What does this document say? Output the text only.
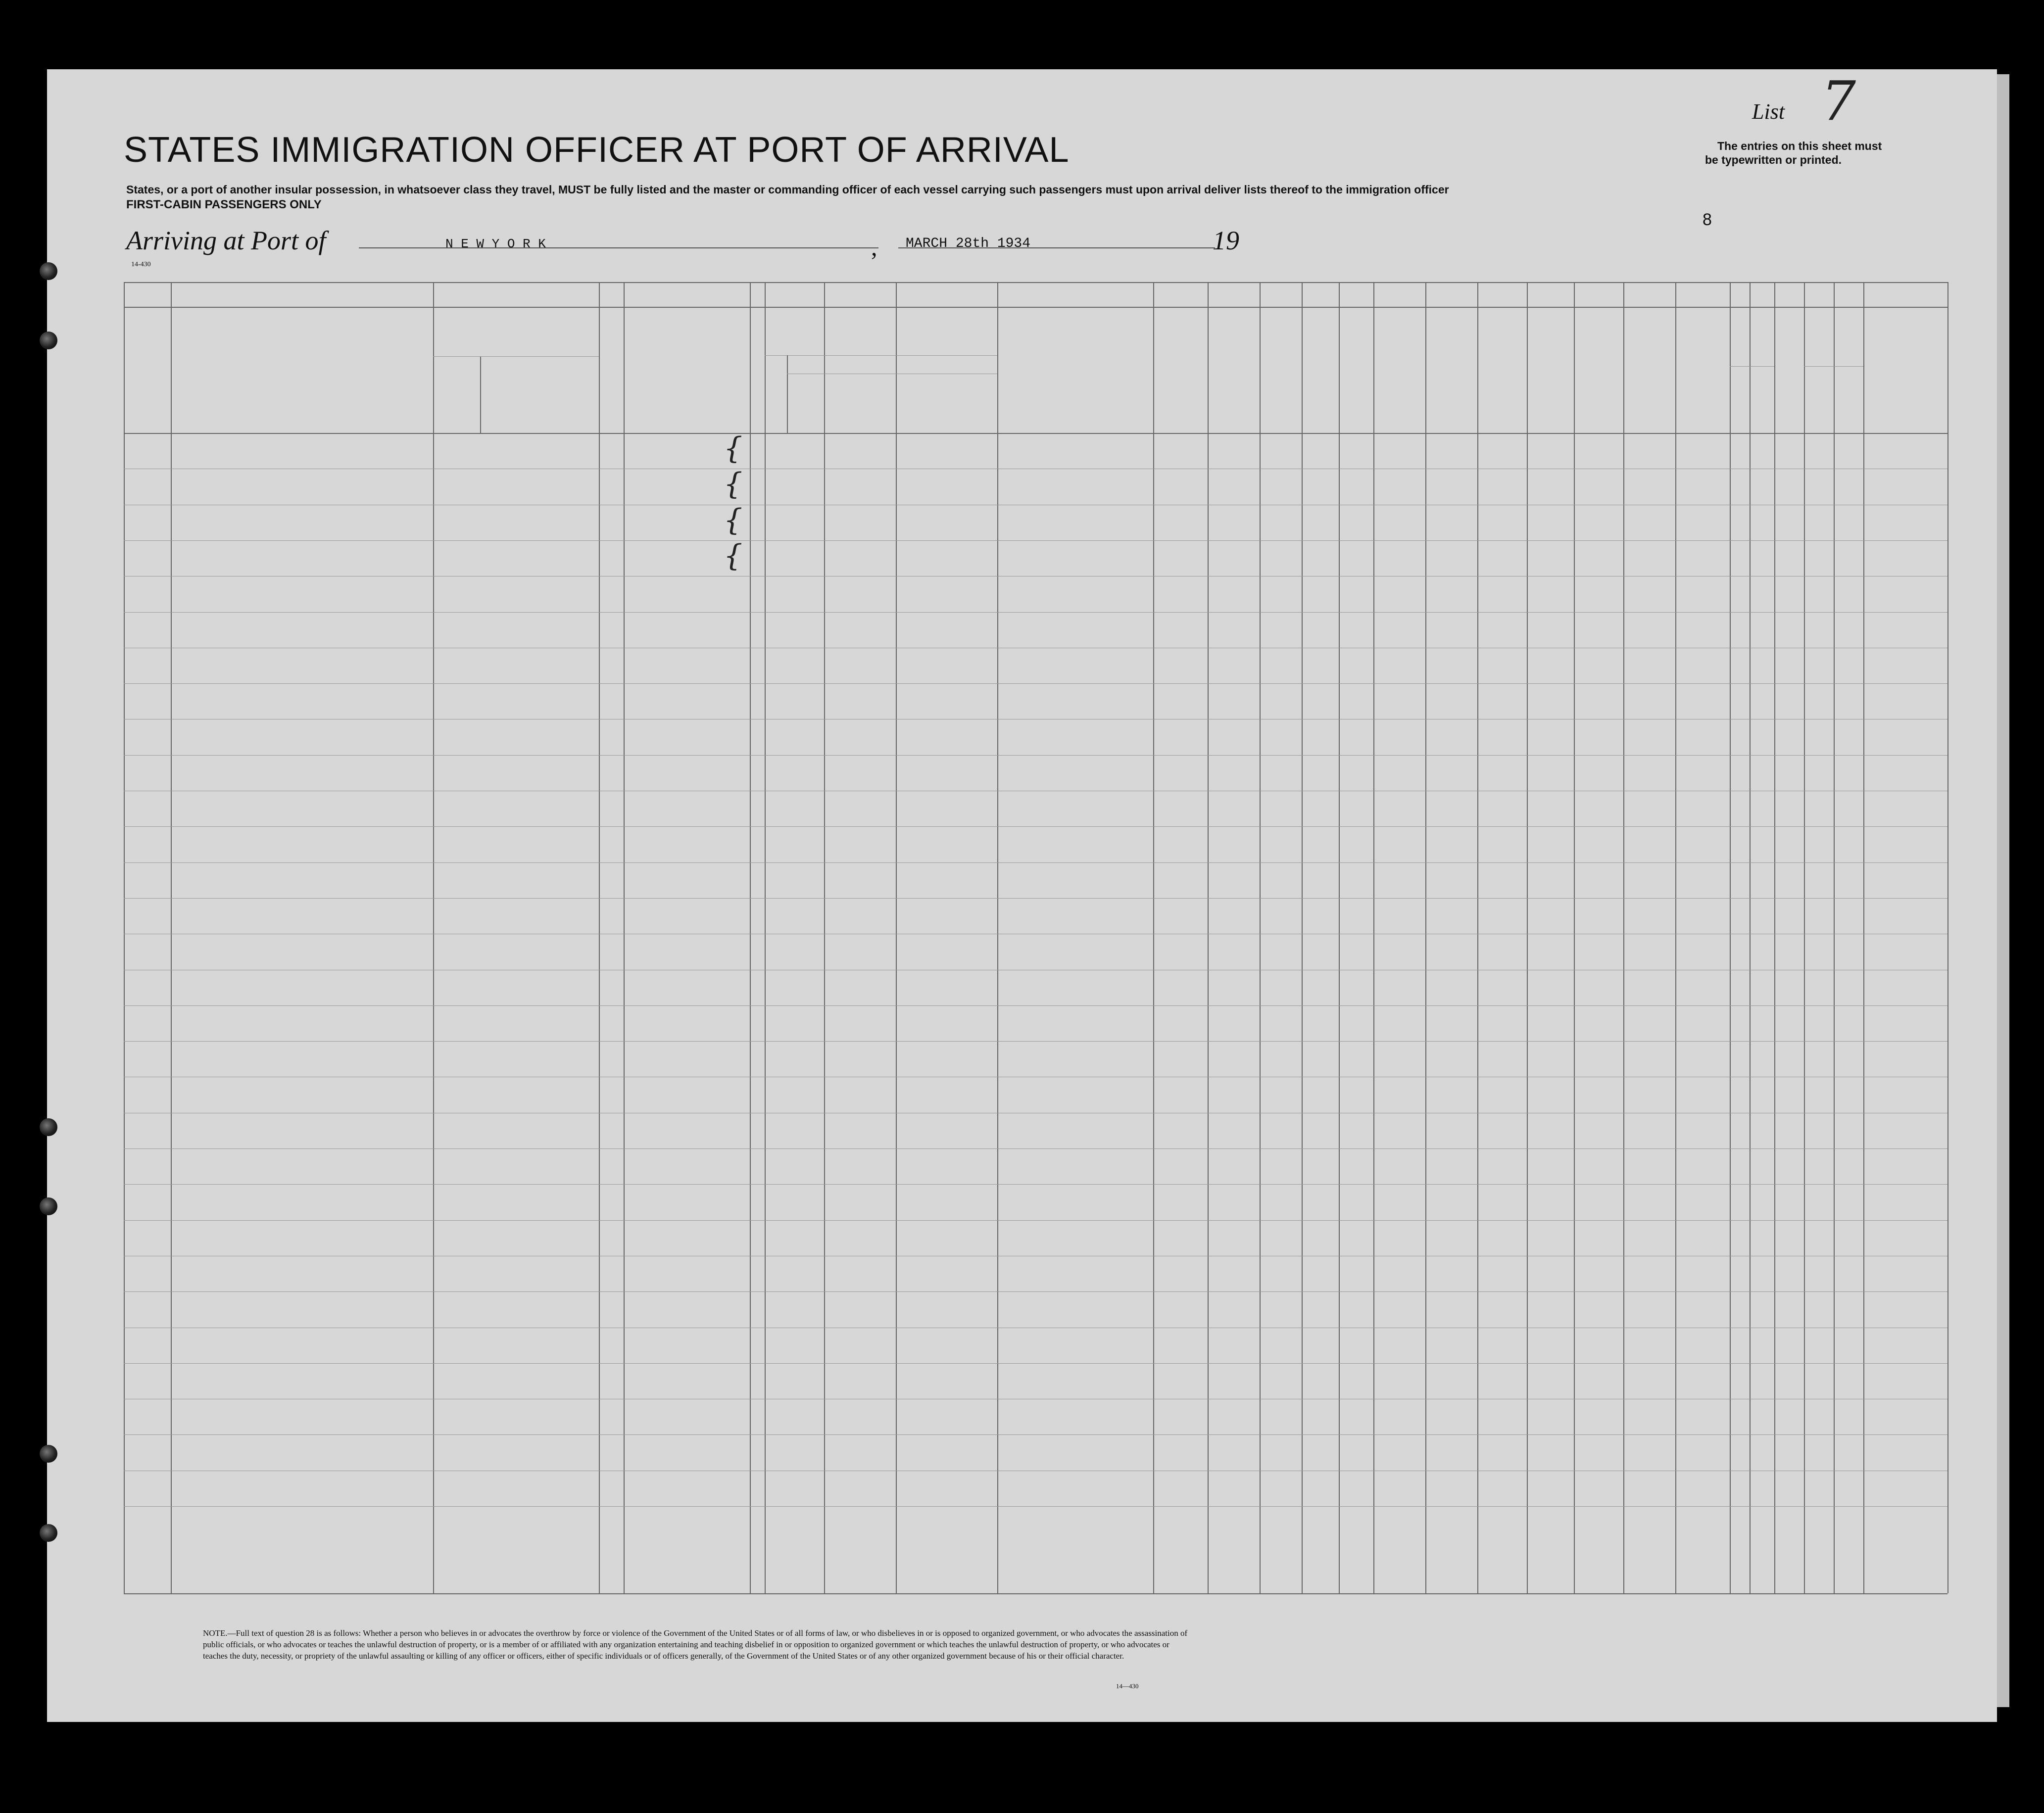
STATES IMMIGRATION OFFICER AT PORT OF ARRIVAL
States, or a port of another insular possession, in whatsoever class they travel, MUST be fully listed and the master or commanding officer of each vessel carrying such passengers must upon arrival deliver lists thereof to the immigration officer
FIRST-CABIN PASSENGERS ONLY
List 7
The entries on this sheet must
be typewritten or printed.
8
14-430
Arriving at Port of	N E W Y O R K	, MARCH 28th 1934	19
{
{
{
{
NOTE.—Full text of question 28 is as follows: Whether a person who believes in or advocates the overthrow by force or violence of the Government of the United States or of all forms of law, or who disbelieves in or is opposed to organized government, or who advocates the assassination of public officials, or who advocates or teaches the unlawful destruction of property, or is a member of or affiliated with any organization entertaining and teaching disbelief in or opposition to organized government or which teaches the unlawful destruction of property, or who advocates or teaches the duty, necessity, or propriety of the unlawful assaulting or killing of any officer or officers, either of specific individuals or of officers generally, of the Government of the United States or of any other organized government because of his or their official character.
14—430
